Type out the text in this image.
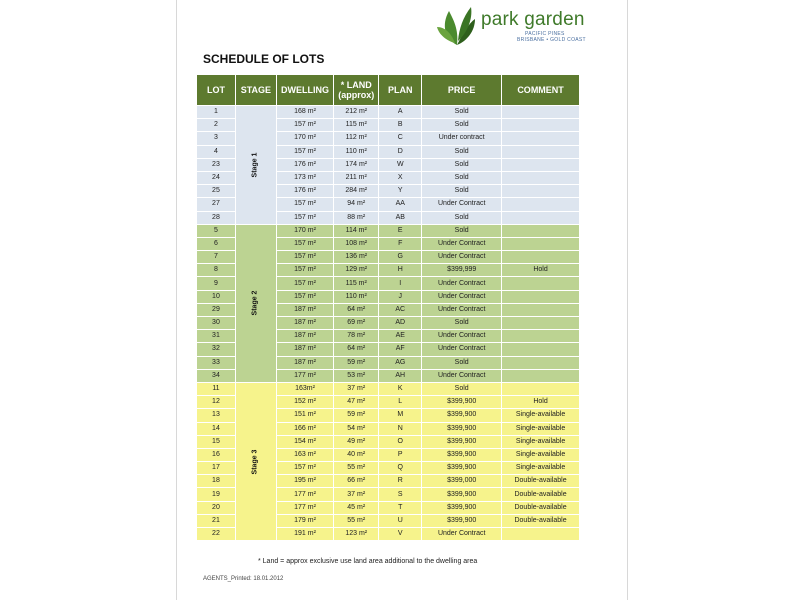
park garden
PACIFIC PINES
BRISBANE • GOLD COAST
SCHEDULE OF LOTS
LOT	STAGE	DWELLING	* LAND (approx)	PLAN	PRICE	COMMENT
1	Stage 1	168 m²	212 m²	A	Sold	
2		157 m²	115 m²	B	Sold	
3		170 m²	112 m²	C	Under contract	
4		157 m²	110 m²	D	Sold	
23		176 m²	174 m²	W	Sold	
24		173 m²	211 m²	X	Sold	
25		176 m²	284 m²	Y	Sold	
27		157 m²	94 m²	AA	Under Contract	
28		157 m²	88 m²	AB	Sold	
5	Stage 2	170 m²	114 m²	E	Sold	
6		157 m²	108 m²	F	Under Contract	
7		157 m²	136 m²	G	Under Contract	
8		157 m²	129 m²	H	$399,999	Hold
9		157 m²	115 m²	I	Under Contract	
10		157 m²	110 m²	J	Under Contract	
29		187 m²	64 m²	AC	Under Contract	
30		187 m²	69 m²	AD	Sold	
31		187 m²	78 m²	AE	Under Contract	
32		187 m²	64 m²	AF	Under Contract	
33		187 m²	59 m²	AG	Sold	
34		177 m²	53 m²	AH	Under Contract	
11	Stage 3	163m²	37 m²	K	Sold	
12		152 m²	47 m²	L	$399,900	Hold
13		151 m²	59 m²	M	$399,900	Single-available
14		166 m²	54 m²	N	$399,900	Single-available
15		154 m²	49 m²	O	$399,900	Single-available
16		163 m²	40 m²	P	$399,900	Single-available
17		157 m²	55 m²	Q	$399,900	Single-available
18		195 m²	66 m²	R	$399,000	Double-available
19		177 m²	37 m²	S	$399,900	Double-available
20		177 m²	45 m²	T	$399,900	Double-available
21		179 m²	55 m²	U	$399,900	Double-available
22		191 m²	123 m²	V	Under Contract	
* Land = approx exclusive use land area additional to the dwelling area
AGENTS_Printed: 18.01.2012
